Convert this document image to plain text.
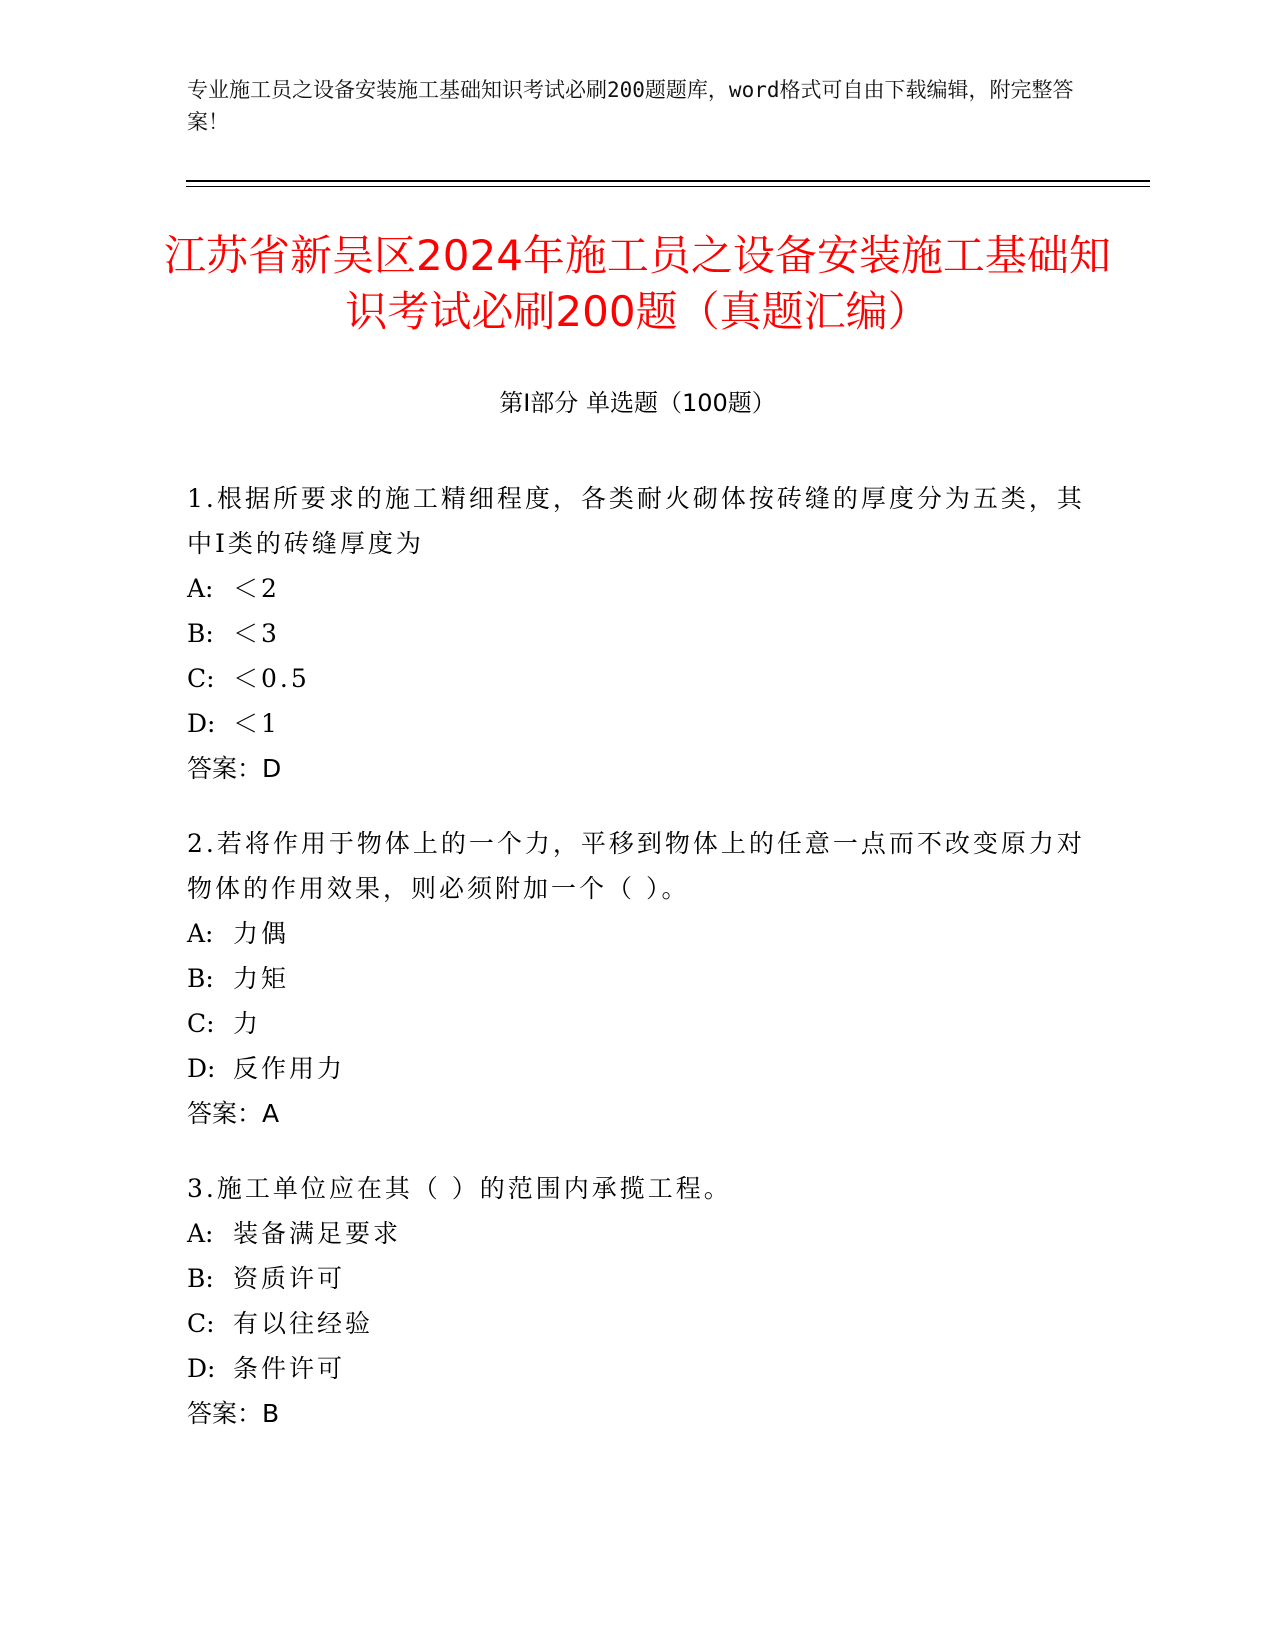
专业施工员之设备安装施工基础知识考试必刷200题题库，word格式可自由下载编辑，附完整答案！
江苏省新吴区2024年施工员之设备安装施工基础知识考试必刷200题（真题汇编）
第I部分 单选题（100题）

1.根据所要求的施工精细程度，各类耐火砌体按砖缝的厚度分为五类，其中Ⅰ类的砖缝厚度为

A: ＜2

B: ＜3

C: ＜0.5

D: ＜1

答案：D

2.若将作用于物体上的一个力，平移到物体上的任意一点而不改变原力对物体的作用效果，则必须附加一个（ ）。

A: 力偶

B: 力矩

C: 力

D: 反作用力

答案：A

3.施工单位应在其（ ）的范围内承揽工程。

A: 装备满足要求

B: 资质许可

C: 有以往经验

D: 条件许可

答案：B
